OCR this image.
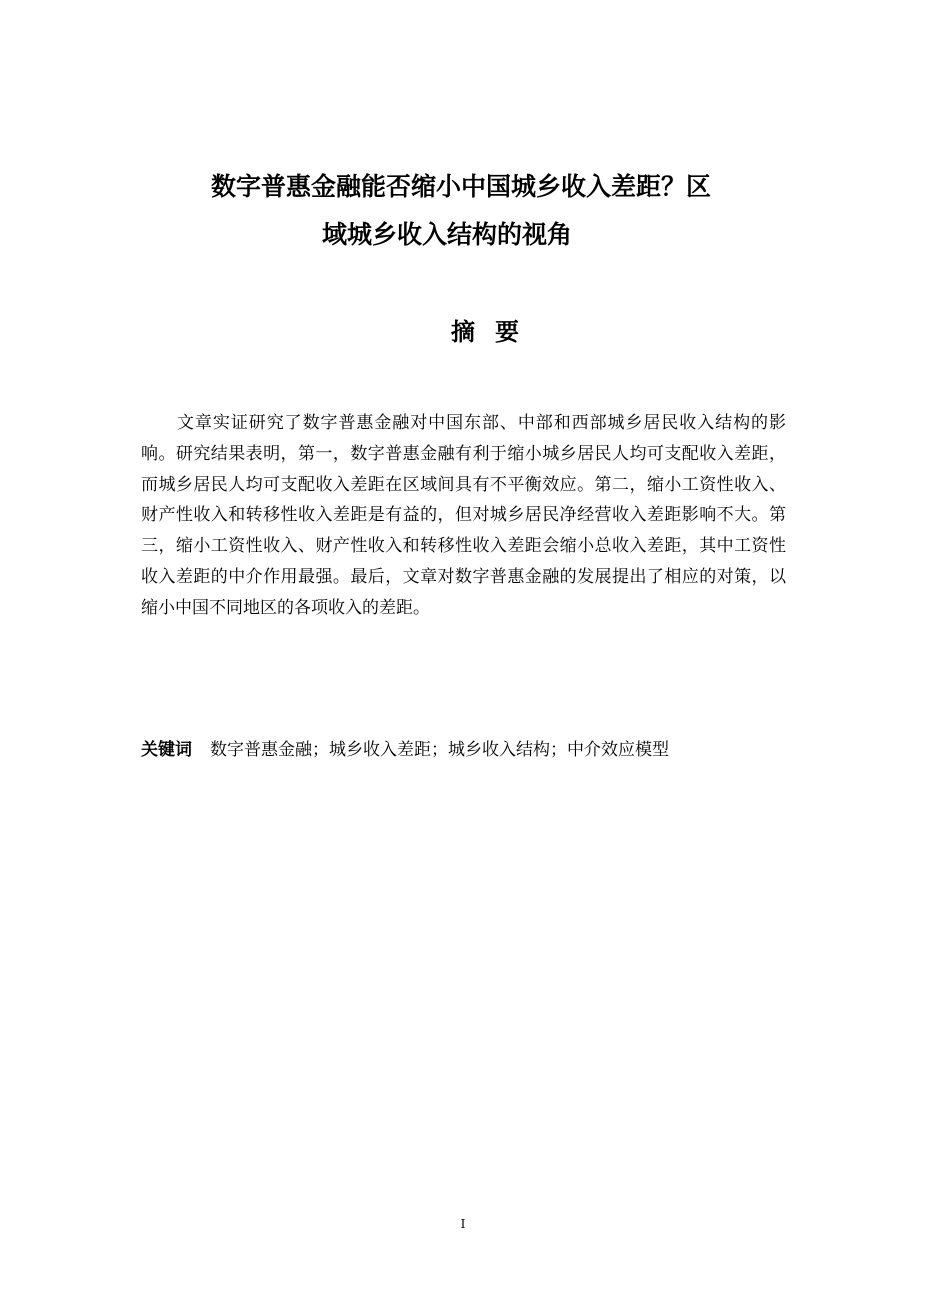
数字普惠金融能否缩小中国城乡收入差距？区
域城乡收入结构的视角
摘要

文章实证研究了数字普惠金融对中国东部、中部和西部城乡居民收入结构的影响。研究结果表明，第一，数字普惠金融有利于缩小城乡居民人均可支配收入差距，而城乡居民人均可支配收入差距在区域间具有不平衡效应。第二，缩小工资性收入、财产性收入和转移性收入差距是有益的，但对城乡居民净经营收入差距影响不大。第三，缩小工资性收入、财产性收入和转移性收入差距会缩小总收入差距，其中工资性收入差距的中介作用最强。最后，文章对数字普惠金融的发展提出了相应的对策，以缩小中国不同地区的各项收入的差距。

关键词 数字普惠金融；城乡收入差距；城乡收入结构；中介效应模型
I
